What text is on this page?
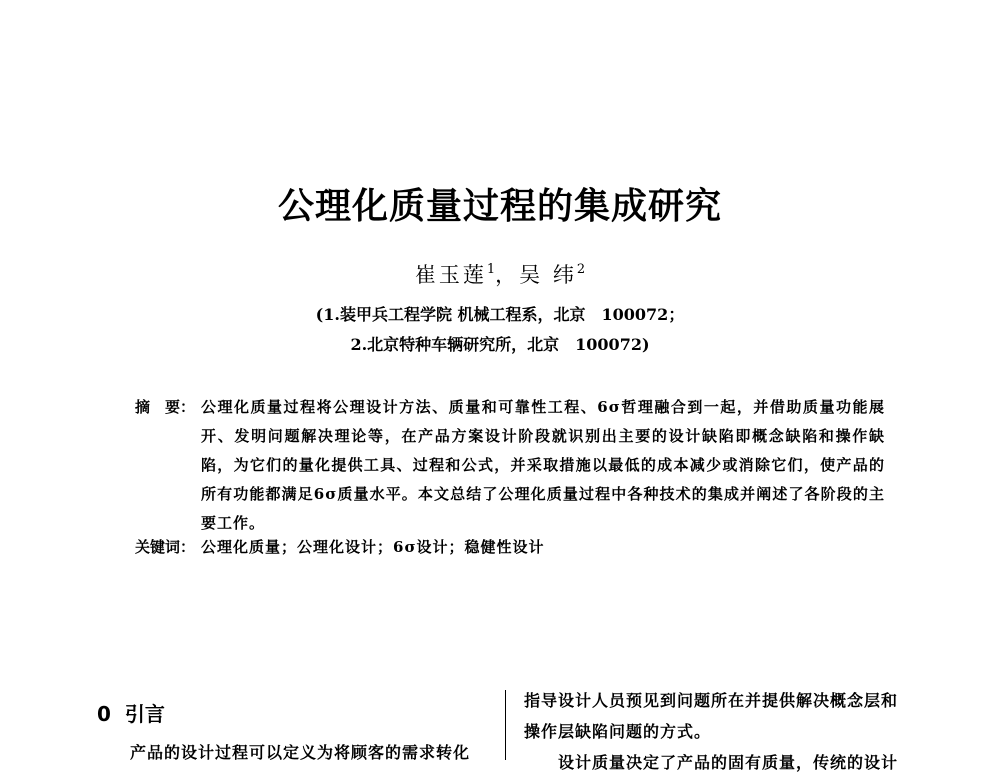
公理化质量过程的集成研究
崔玉莲$^1$，吴 纬$^2$
(1.装甲兵工程学院 机械工程系，北京　100072；
2.北京特种车辆研究所，北京　100072)
摘　要： 公理化质量过程将公理设计方法、质量和可靠性工程、6σ哲理融合到一起，并借助质量功能展开、发明问题解决理论等，在产品方案设计阶段就识别出主要的设计缺陷即概念缺陷和操作缺陷，为它们的量化提供工具、过程和公式，并采取措施以最低的成本减少或消除它们，使产品的所有功能都满足6σ质量水平。本文总结了公理化质量过程中各种技术的集成并阐述了各阶段的主要工作。
关键词： 公理化质量；公理化设计；6σ设计；稳健性设计
0 引言
产品的设计过程可以定义为将顾客的需求转化
指导设计人员预见到问题所在并提供解决概念层和
操作层缺陷问题的方式。
设计质量决定了产品的固有质量，传统的设计
